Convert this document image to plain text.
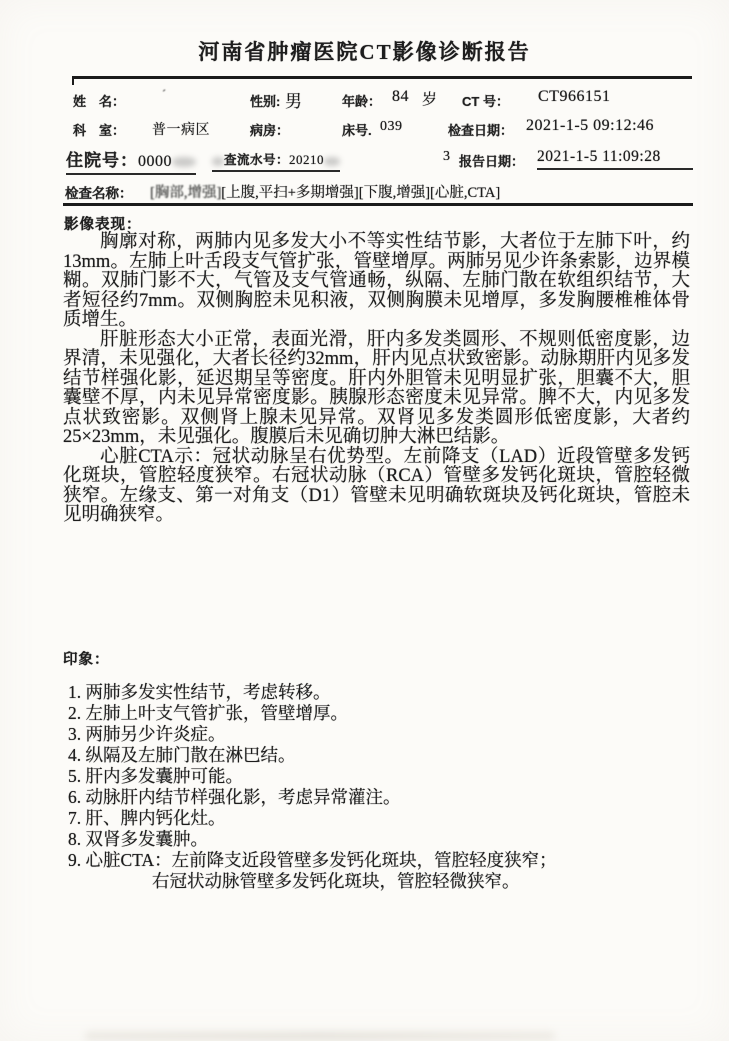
河南省肿瘤医院CT影像诊断报告
姓　名：	ˊ	性别: 男	年龄： 84 岁 CT 号： CT966151
科　室： 普一病区	病房：	床号. 039	检查日期： 2021-1-5 09:12:46
住院号：0000	查流水号：20210	3 报告日期： 2021-1-5 11:09:28
检查名称： [胸部,增强][上腹,平扫+多期增强][下腹,增强][心脏,CTA]
影像表现：

胸廓对称，两肺内见多发大小不等实性结节影，大者位于左肺下叶，约13mm。左肺上叶舌段支气管扩张，管壁增厚。两肺另见少许条索影，边界模糊。双肺门影不大，气管及支气管通畅，纵隔、左肺门散在软组织结节，大者短径约7mm。双侧胸腔未见积液，双侧胸膜未见增厚，多发胸腰椎椎体骨质增生。

肝脏形态大小正常，表面光滑，肝内多发类圆形、不规则低密度影，边界清，未见强化，大者长径约32mm，肝内见点状致密影。动脉期肝内见多发结节样强化影，延迟期呈等密度。肝内外胆管未见明显扩张，胆囊不大，胆囊壁不厚，内未见异常密度影。胰腺形态密度未见异常。脾不大，内见多发点状致密影。双侧肾上腺未见异常。双肾见多发类圆形低密度影，大者约25×23mm，未见强化。腹膜后未见确切肿大淋巴结影。

心脏CTA示：冠状动脉呈右优势型。左前降支（LAD）近段管壁多发钙化斑块，管腔轻度狭窄。右冠状动脉（RCA）管壁多发钙化斑块，管腔轻微狭窄。左缘支、第一对角支（D1）管壁未见明确软斑块及钙化斑块，管腔未见明确狭窄。

印象：
1. 两肺多发实性结节，考虑转移。
2. 左肺上叶支气管扩张，管壁增厚。
3. 两肺另少许炎症。
4. 纵隔及左肺门散在淋巴结。
5. 肝内多发囊肿可能。
6. 动脉肝内结节样强化影，考虑异常灌注。
7. 肝、脾内钙化灶。
8. 双肾多发囊肿。
9. 心脏CTA：左前降支近段管壁多发钙化斑块，管腔轻度狭窄；
右冠状动脉管壁多发钙化斑块，管腔轻微狭窄。
